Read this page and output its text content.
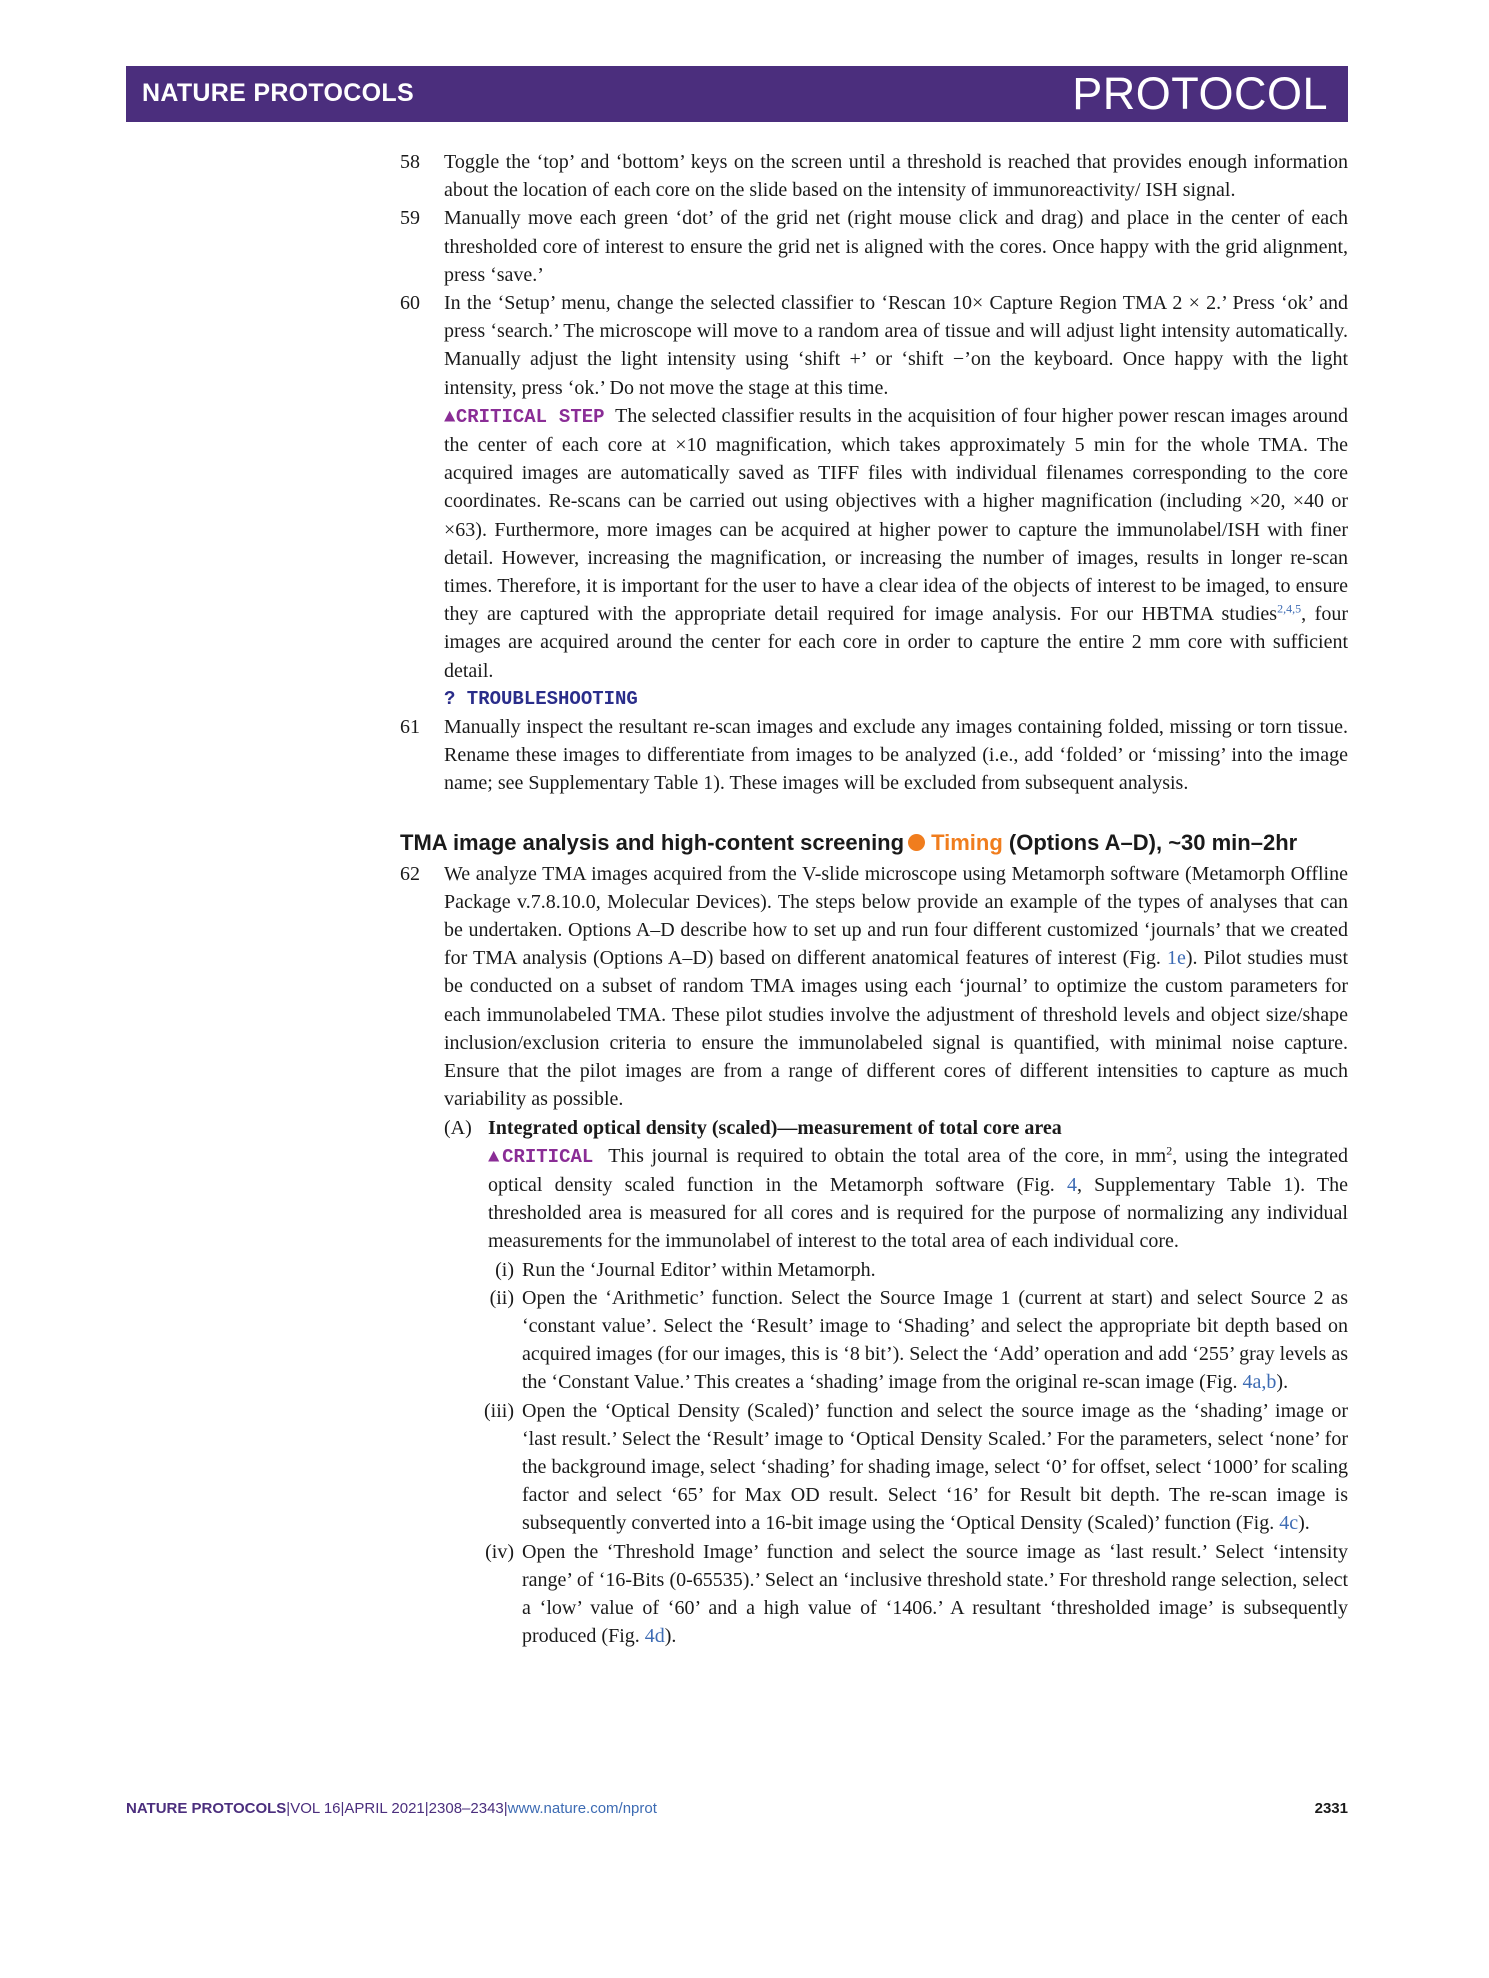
NATURE PROTOCOLS	PROTOCOL
58 Toggle the ‘top’ and ‘bottom’ keys on the screen until a threshold is reached that provides enough information about the location of each core on the slide based on the intensity of immunoreactivity/ ISH signal.

59 Manually move each green ‘dot’ of the grid net (right mouse click and drag) and place in the center of each thresholded core of interest to ensure the grid net is aligned with the cores. Once happy with the grid alignment, press ‘save.’

60 In the ‘Setup’ menu, change the selected classifier to ‘Rescan 10× Capture Region TMA 2 × 2.’ Press ‘ok’ and press ‘search.’ The microscope will move to a random area of tissue and will adjust light intensity automatically. Manually adjust the light intensity using ‘shift +’ or ‘shift −’on the keyboard. Once happy with the light intensity, press ‘ok.’ Do not move the stage at this time.

▲CRITICAL STEP The selected classifier results in the acquisition of four higher power rescan images around the center of each core at ×10 magnification, which takes approximately 5 min for the whole TMA. The acquired images are automatically saved as TIFF files with individual filenames corresponding to the core coordinates. Re-scans can be carried out using objectives with a higher magnification (including ×20, ×40 or ×63). Furthermore, more images can be acquired at higher power to capture the immunolabel/ISH with finer detail. However, increasing the magnification, or increasing the number of images, results in longer re-scan times. Therefore, it is important for the user to have a clear idea of the objects of interest to be imaged, to ensure they are captured with the appropriate detail required for image analysis. For our HBTMA studies$^{2,4,5}$, four images are acquired around the center for each core in order to capture the entire 2 mm core with sufficient detail.

? TROUBLESHOOTING

61 Manually inspect the resultant re-scan images and exclude any images containing folded, missing or torn tissue. Rename these images to differentiate from images to be analyzed (i.e., add ‘folded’ or ‘missing’ into the image name; see Supplementary Table 1). These images will be excluded from subsequent analysis.

TMA image analysis and high-content screening Timing (Options A–D), ~30 min–2hr
62 We analyze TMA images acquired from the V-slide microscope using Metamorph software (Metamorph Offline Package v.7.8.10.0, Molecular Devices). The steps below provide an example of the types of analyses that can be undertaken. Options A–D describe how to set up and run four different customized ‘journals’ that we created for TMA analysis (Options A–D) based on different anatomical features of interest (Fig. 1e). Pilot studies must be conducted on a subset of random TMA images using each ‘journal’ to optimize the custom parameters for each immunolabeled TMA. These pilot studies involve the adjustment of threshold levels and object size/shape inclusion/exclusion criteria to ensure the immunolabeled signal is quantified, with minimal noise capture. Ensure that the pilot images are from a range of different cores of different intensities to capture as much variability as possible.

(A) Integrated optical density (scaled)—measurement of total core area
▲CRITICAL This journal is required to obtain the total area of the core, in $mm^2$, using the integrated optical density scaled function in the Metamorph software (Fig. 4, Supplementary Table 1). The thresholded area is measured for all cores and is required for the purpose of normalizing any individual measurements for the immunolabel of interest to the total area of each individual core.
(i) Run the ‘Journal Editor’ within Metamorph.
(ii) Open the ‘Arithmetic’ function. Select the Source Image 1 (current at start) and select Source 2 as ‘constant value’. Select the ‘Result’ image to ‘Shading’ and select the appropriate bit depth based on acquired images (for our images, this is ‘8 bit’). Select the ‘Add’ operation and add ‘255’ gray levels as the ‘Constant Value.’ This creates a ‘shading’ image from the original re-scan image (Fig. 4a,b).
(iii) Open the ‘Optical Density (Scaled)’ function and select the source image as the ‘shading’ image or ‘last result.’ Select the ‘Result’ image to ‘Optical Density Scaled.’ For the parameters, select ‘none’ for the background image, select ‘shading’ for shading image, select ‘0’ for offset, select ‘1000’ for scaling factor and select ‘65’ for Max OD result. Select ‘16’ for Result bit depth. The re-scan image is subsequently converted into a 16-bit image using the ‘Optical Density (Scaled)’ function (Fig. 4c).
(iv) Open the ‘Threshold Image’ function and select the source image as ‘last result.’ Select ‘intensity range’ of ‘16-Bits (0-65535).’ Select an ‘inclusive threshold state.’ For threshold range selection, select a ‘low’ value of ‘60’ and a high value of ‘1406.’ A resultant ‘thresholded image’ is subsequently produced (Fig. 4d).
NATURE PROTOCOLS|VOL 16|APRIL 2021|2308–2343|www.nature.com/nprot	2331
